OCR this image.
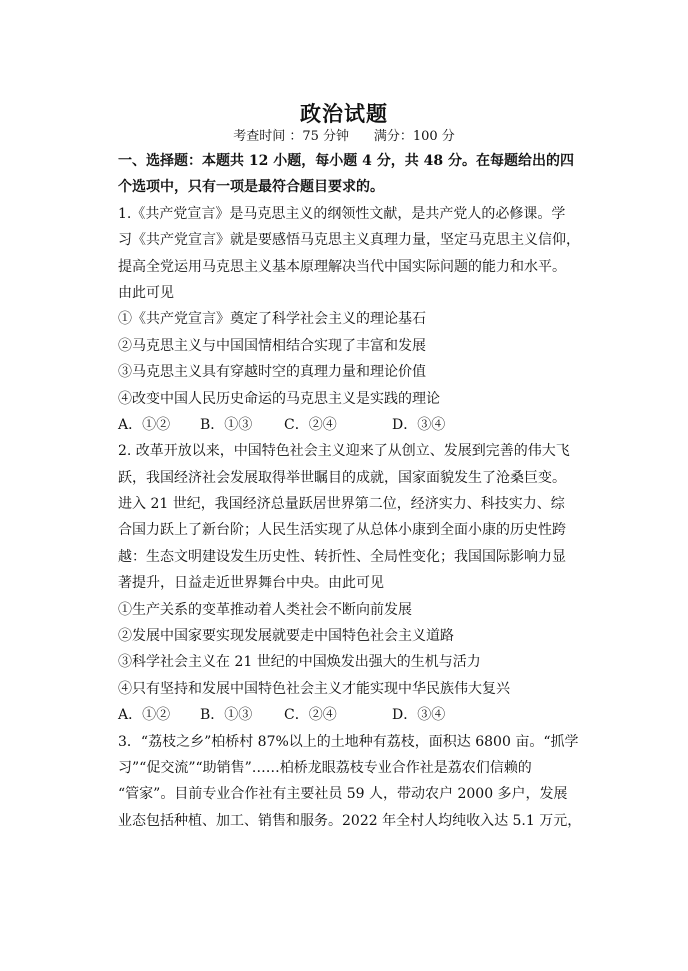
政治试题
考查时间 ：75 分钟      满分：100 分
一、选择题：本题共 12 小题，每小题 4 分，共 48 分。在每题给出的四
个选项中，只有一项是最符合题目要求的。
1.《共产党宣言》是马克思主义的纲领性文献，是共产党人的必修课。学
习《共产党宣言》就是要感悟马克思主义真理力量，坚定马克思主义信仰，
提高全党运用马克思主义基本原理解决当代中国实际问题的能力和水平。
由此可见
①《共产党宣言》奠定了科学社会主义的理论基石
②马克思主义与中国国情相结合实现了丰富和发展
③马克思主义具有穿越时空的真理力量和理论价值
④改变中国人民历史命运的马克思主义是实践的理论
A．①②	B．①③	C．②④	D．③④
2. 改革开放以来，中国特色社会主义迎来了从创立、发展到完善的伟大飞
跃，我国经济社会发展取得举世瞩目的成就，国家面貌发生了沧桑巨变。
进入 21 世纪，我国经济总量跃居世界第二位，经济实力、科技实力、综
合国力跃上了新台阶；人民生活实现了从总体小康到全面小康的历史性跨
越：生态文明建设发生历史性、转折性、全局性变化；我国国际影响力显
著提升，日益走近世界舞台中央。由此可见
①生产关系的变革推动着人类社会不断向前发展
②发展中国家要实现发展就要走中国特色社会主义道路
③科学社会主义在 21 世纪的中国焕发出强大的生机与活力
④只有坚持和发展中国特色社会主义才能实现中华民族伟大复兴
A．①②	B．①③	C．②④	D．③④
3．“荔枝之乡”柏桥村 87%以上的土地种有荔枝，面积达 6800 亩。“抓学
习”“促交流”“助销售”……柏桥龙眼荔枝专业合作社是荔农们信赖的
“管家”。目前专业合作社有主要社员 59 人，带动农户 2000 多户，发展
业态包括种植、加工、销售和服务。2022 年全村人均纯收入达 5.1 万元，
